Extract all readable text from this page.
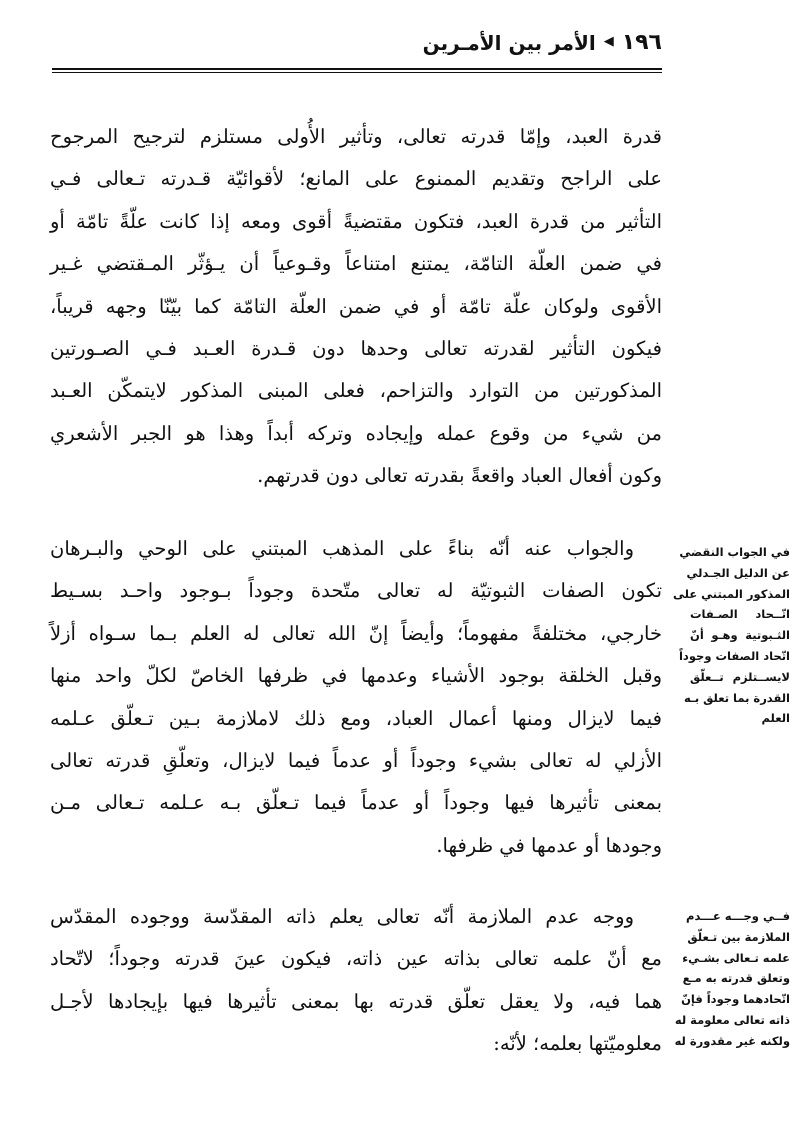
١٩٦
◀
الأمر بين الأمـرين
قدرة العبد، وإمّا قدرته تعالى، وتأثير الأُولى مستلزم لترجيح المرجوح
على الراجح وتقديم الممنوع على المانع؛ لأقوائيّة قـدرته تـعالى فـي
التأثير من قدرة العبد، فتكون مقتضيةً أقوى ومعه إذا كانت علّةً تامّة أو
في ضمن العلّة التامّة، يمتنع امتناعاً وقـوعياً أن يـؤثّر المـقتضي غـير
الأقوى ولوكان علّة تامّة أو في ضمن العلّة التامّة كما بيّنّا وجهه قريباً،
فيكون التأثير لقدرته تعالى وحدها دون قـدرة العـبد فـي الصـورتين
المذكورتين من التوارد والتزاحم، فعلى المبنى المذكور لايتمكّن العـبد
من شيء من وقوع عمله وإيجاده وتركه أبداً وهذا هو الجبر الأشعري
وكون أفعال العباد واقعةً بقدرته تعالى دون قدرتهم.
والجواب عنه أنّه بناءً على المذهب المبتني على الوحي والبـرهان
تكون الصفات الثبوتيّة له تعالى متّحدة وجوداً بـوجود واحـد بسـيط
خارجي، مختلفةً مفهوماً؛ وأيضاً إنّ الله تعالى له العلم بـما سـواه أزلاً
وقبل الخلقة بوجود الأشياء وعدمها في ظرفها الخاصّ لكلّ واحد منها
فيما لايزال ومنها أعمال العباد، ومع ذلك لاملازمة بـين تـعلّق عـلمه
الأزلي له تعالى بشيء وجوداً أو عدماً فيما لايزال، وتعلّقِ قدرته تعالى
بمعنى تأثيرها فيها وجوداً أو عدماً فيما تـعلّق بـه عـلمه تـعالى مـن
وجودها أو عدمها في ظرفها.
ووجه عدم الملازمة أنّه تعالى يعلم ذاته المقدّسة ووجوده المقدّس
مع أنّ علمه تعالى بذاته عين ذاته، فيكون عينَ قدرته وجوداً؛ لاتّحاد
هما فيه، ولا يعقل تعلّق قدرته بها بمعنى تأثيرها فيها بإيجادها لأجـل
معلوميّتها بعلمه؛ لأنّه:
في الجواب النقضي
عن الدليل الجـدلي
المذكور المبتني على
اتّــحاد الصـفات
الثـبوتية وهـو أنّ
اتّحاد الصفات وجوداً
لايســتلزم تــعلّق
القدرة بما تعلق بـه
العلم
فــي وجـــه عـــدم
الملازمة بين تـعلّق
علمه تـعالى بشـيء
وتعلق قدرته به مـع
اتّحادهما وجوداً فإنّ
ذاته تعالى معلومة له
ولكنه غير مقدورة له
